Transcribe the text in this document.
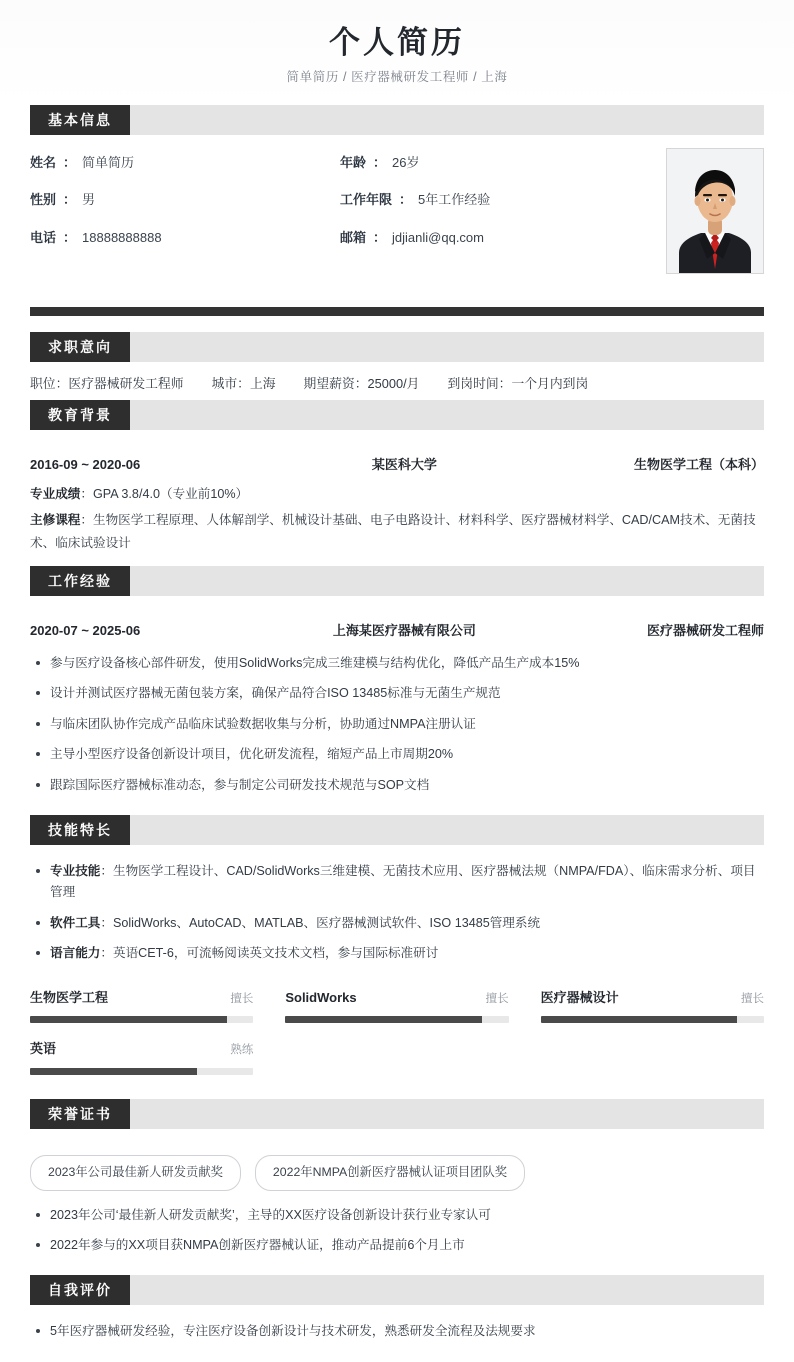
个人简历
简单简历 / 医疗器械研发工程师 / 上海
基本信息
姓名 ： 简单简历	年龄 ： 26岁
性别 ： 男	工作年限 ： 5年工作经验
电话 ： 18888888888	邮箱 ： jdjianli@qq.com
求职意向
职位：医疗器械研发工程师 城市：上海 期望薪资：25000/月 到岗时间：一个月内到岗
教育背景
2016-09 ~ 2020-06	某医科大学	生物医学工程（本科）
专业成绩：GPA 3.8/4.0（专业前10%）
主修课程：生物医学工程原理、人体解剖学、机械设计基础、电子电路设计、材料科学、医疗器械材料学、CAD/CAM技术、无菌技术、临床试验设计
工作经验
2020-07 ~ 2025-06	上海某医疗器械有限公司	医疗器械研发工程师
参与医疗设备核心部件研发，使用SolidWorks完成三维建模与结构优化，降低产品生产成本15%
设计并测试医疗器械无菌包装方案，确保产品符合ISO 13485标准与无菌生产规范
与临床团队协作完成产品临床试验数据收集与分析，协助通过NMPA注册认证
主导小型医疗设备创新设计项目，优化研发流程，缩短产品上市周期20%
跟踪国际医疗器械标准动态，参与制定公司研发技术规范与SOP文档
技能特长
专业技能：生物医学工程设计、CAD/SolidWorks三维建模、无菌技术应用、医疗器械法规（NMPA/FDA）、临床需求分析、项目管理
软件工具：SolidWorks、AutoCAD、MATLAB、医疗器械测试软件、ISO 13485管理系统
语言能力：英语CET-6，可流畅阅读英文技术文档，参与国际标准研讨
生物医学工程	擅长 SolidWorks	擅长 医疗器械设计	擅长
英语	熟练
荣誉证书
2023年公司最佳新人研发贡献奖	2022年NMPA创新医疗器械认证项目团队奖
2023年公司‘最佳新人研发贡献奖’，主导的XX医疗设备创新设计获行业专家认可
2022年参与的XX项目获NMPA创新医疗器械认证，推动产品提前6个月上市
自我评价
5年医疗器械研发经验，专注医疗设备创新设计与技术研发，熟悉研发全流程及法规要求
